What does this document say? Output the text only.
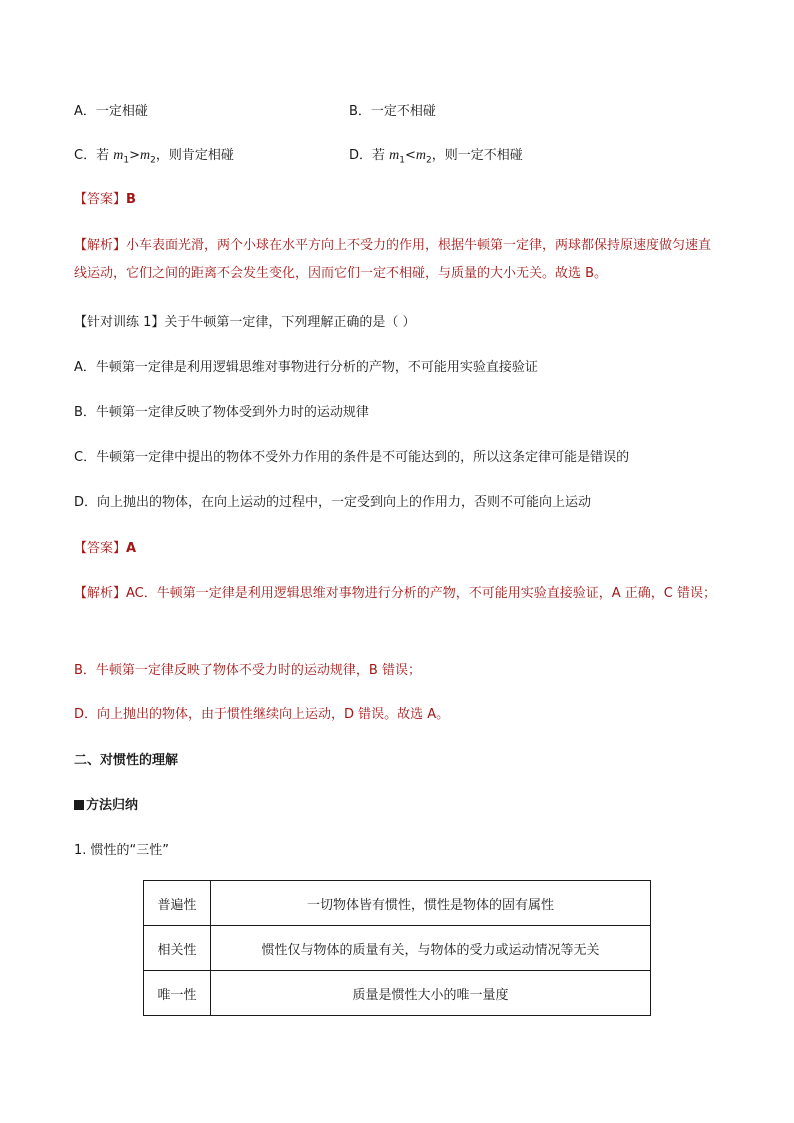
A．一定相碰	B．一定不相碰
C．若 $m_1>m_2$，则肯定相碰	D．若 $m_1<m_2$，则一定不相碰
【答案】B
【解析】小车表面光滑，两个小球在水平方向上不受力的作用，根据牛顿第一定律，两球都保持原速度做匀速直线运动，它们之间的距离不会发生变化，因而它们一定不相碰，与质量的大小无关。故选 B。
【针对训练 1】关于牛顿第一定律，下列理解正确的是（ ）
A．牛顿第一定律是利用逻辑思维对事物进行分析的产物，不可能用实验直接验证
B．牛顿第一定律反映了物体受到外力时的运动规律
C．牛顿第一定律中提出的物体不受外力作用的条件是不可能达到的，所以这条定律可能是错误的
D．向上抛出的物体，在向上运动的过程中，一定受到向上的作用力，否则不可能向上运动
【答案】A
【解析】AC．牛顿第一定律是利用逻辑思维对事物进行分析的产物，不可能用实验直接验证，A 正确，C 错误；
B．牛顿第一定律反映了物体不受力时的运动规律，B 错误；
D．向上抛出的物体，由于惯性继续向上运动，D 错误。故选 A。
二、对惯性的理解
方法归纳
1. 惯性的“三性”
普遍性	一切物体皆有惯性，惯性是物体的固有属性
相关性	惯性仅与物体的质量有关，与物体的受力或运动情况等无关
唯一性	质量是惯性大小的唯一量度
